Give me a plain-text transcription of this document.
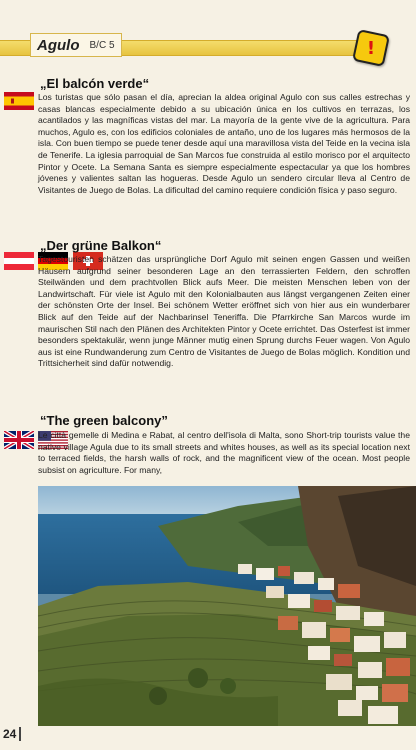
Agulo B/C 5	!
„El balcón verde“
Los turistas que sólo pasan el día, aprecian la aldea original Agulo con sus calles estrechas y casas blancas especialmente debido a su ubicación única en los cultivos en terrazas, los acantilados y las magníficas vistas del mar. La mayoría de la gente vive de la agricultura. Para muchos, Agulo es, con los edificios coloniales de antaño, uno de los lugares más hermosos de la isla. Con buen tiempo se puede tener desde aquí una maravillosa vista del Teide en la vecina isla de Tenerife. La iglesia parroquial de San Marcos fue construida al estilo morisco por el arquitecto Pintor y Ocete. La Semana Santa es siempre especialmente espectacular ya que los hombres jóvenes y valientes saltan las hogueras. Desde Agulo un sendero circular lleva al Centro de Visitantes de Juego de Bolas. La dificultad del camino requiere condición física y paso seguro.

„Der grüne Balkon“
Tagestouristen schätzen das ursprüngliche Dorf Agulo mit seinen engen Gassen und weißen Häusern aufgrund seiner besonderen Lage an den terrassierten Feldern, den schroffen Steilwänden und dem prachtvollen Blick aufs Meer. Die meisten Menschen leben von der Landwirtschaft. Für viele ist Agulo mit den Kolonialbauten aus längst vergangenen Zeiten einer der schönsten Orte der Insel. Bei schönem Wetter eröffnet sich von hier aus ein wunderbarer Blick auf den Teide auf der Nachbarinsel Teneriffa. Die Pfarrkirche San Marcos wurde im maurischen Stil nach den Plänen des Architekten Pintor y Ocete errichtet. Das Osterfest ist immer besonders spektakulär, wenn junge Männer mutig einen Sprung durchs Feuer wagen. Von Agulo aus ist eine Rundwanderung zum Centro de Visitantes de Juego de Bolas möglich. Kondition und Trittsicherheit sind dafür notwendig.

“The green balcony”
Le città gemelle di Medina e Rabat, al centro dell'isola di Malta, sono Short-trip tourists value the native village Agula due to its small streets and whites houses, as well as its special location next to terraced fields, the harsh walls of rock, and the magnificent view of the ocean. Most people subsist on agriculture. For many,
24
